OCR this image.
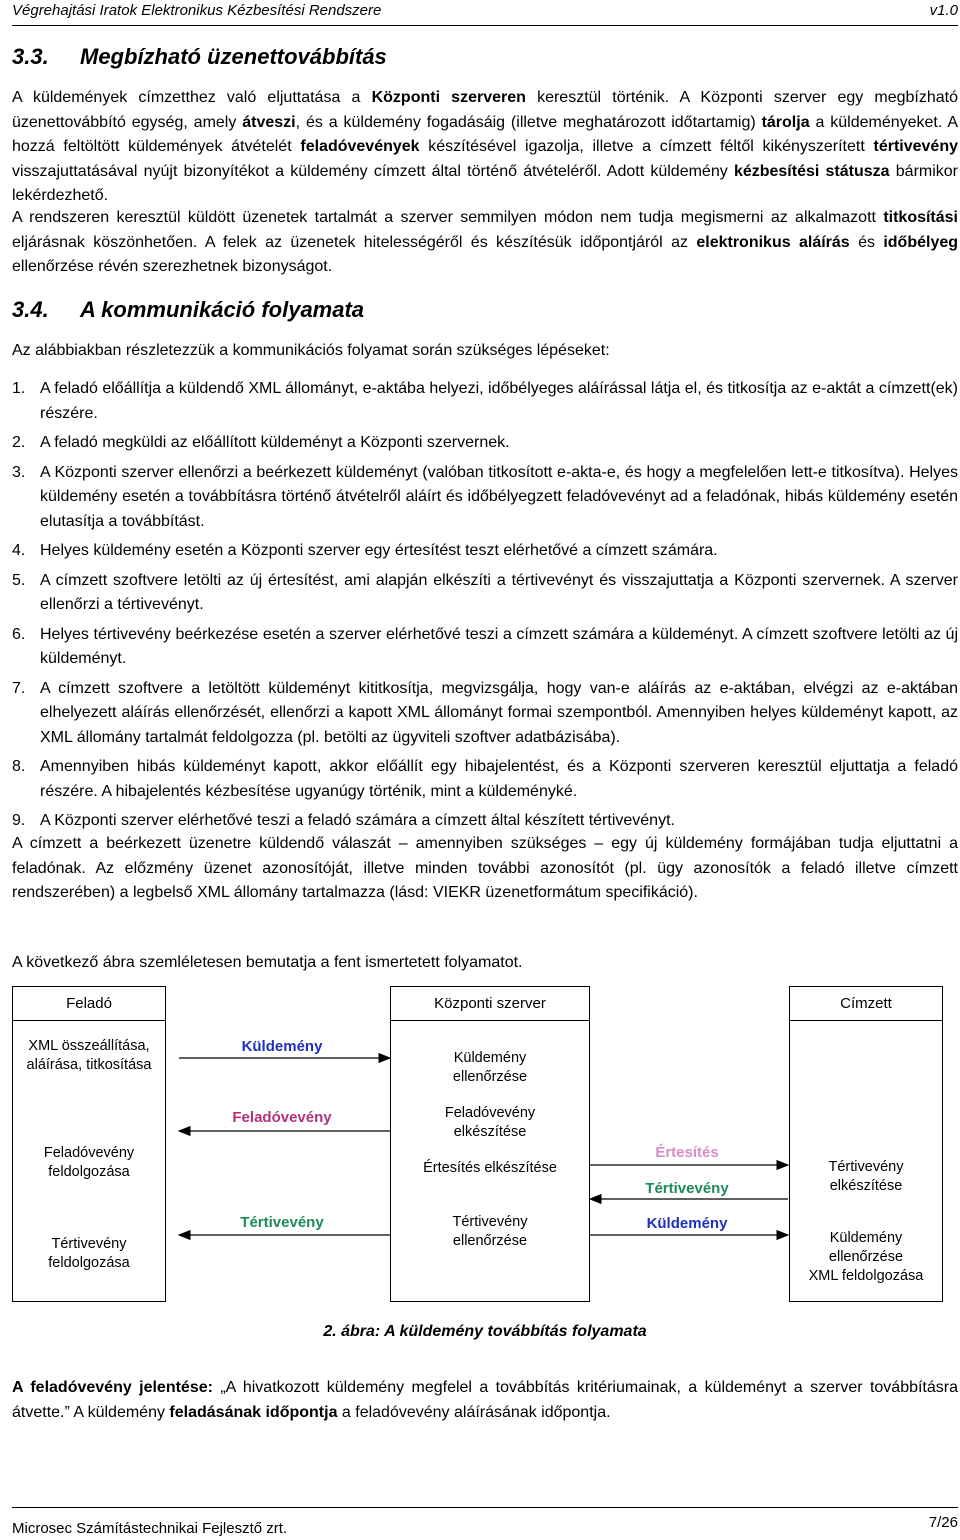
Végrehajtási Iratok Elektronikus Kézbesítési Rendszere	v1.0
3.3. Megbízható üzenettovábbítás

A küldemények címzetthez való eljuttatása a Központi szerveren keresztül történik. A Központi szerver egy megbízható üzenettovábbító egység, amely átveszi, és a küldemény fogadásáig (illetve meghatározott időtartamig) tárolja a küldeményeket. A hozzá feltöltött küldemények átvételét feladóvevények készítésével igazolja, illetve a címzett féltől kikényszerített tértivevény visszajuttatásával nyújt bizonyítékot a küldemény címzett által történő átvételéről. Adott küldemény kézbesítési státusza bármikor lekérdezhető.

A rendszeren keresztül küldött üzenetek tartalmát a szerver semmilyen módon nem tudja megismerni az alkalmazott titkosítási eljárásnak köszönhetően. A felek az üzenetek hitelességéről és készítésük időpontjáról az elektronikus aláírás és időbélyeg ellenőrzése révén szerezhetnek bizonyságot.

3.4. A kommunikáció folyamata

Az alábbiakban részletezzük a kommunikációs folyamat során szükséges lépéseket:

1. A feladó előállítja a küldendő XML állományt, e-aktába helyezi, időbélyeges aláírással látja el, és titkosítja az e-aktát a címzett(ek) részére.
2. A feladó megküldi az előállított küldeményt a Központi szervernek.
3. A Központi szerver ellenőrzi a beérkezett küldeményt (valóban titkosított e-akta-e, és hogy a megfelelően lett-e titkosítva). Helyes küldemény esetén a továbbításra történő átvételről aláírt és időbélyegzett feladóvevényt ad a feladónak, hibás küldemény esetén elutasítja a továbbítást.
4. Helyes küldemény esetén a Központi szerver egy értesítést teszt elérhetővé a címzett számára.
5. A címzett szoftvere letölti az új értesítést, ami alapján elkészíti a tértivevényt és visszajuttatja a Központi szervernek. A szerver ellenőrzi a tértivevényt.
6. Helyes tértivevény beérkezése esetén a szerver elérhetővé teszi a címzett számára a küldeményt. A címzett szoftvere letölti az új küldeményt.
7. A címzett szoftvere a letöltött küldeményt kititkosítja, megvizsgálja, hogy van-e aláírás az e-aktában, elvégzi az e-aktában elhelyezett aláírás ellenőrzését, ellenőrzi a kapott XML állományt formai szempontból. Amennyiben helyes küldeményt kapott, az XML állomány tartalmát feldolgozza (pl. betölti az ügyviteli szoftver adatbázisába).
8. Amennyiben hibás küldeményt kapott, akkor előállít egy hibajelentést, és a Központi szerveren keresztül eljuttatja a feladó részére. A hibajelentés kézbesítése ugyanúgy történik, mint a küldeményké.
9. A Központi szerver elérhetővé teszi a feladó számára a címzett által készített tértivevényt.

A címzett a beérkezett üzenetre küldendő válaszát – amennyiben szükséges – egy új küldemény formájában tudja eljuttatni a feladónak. Az előzmény üzenet azonosítóját, illetve minden további azonosítót (pl. ügy azonosítók a feladó illetve címzett rendszerében) a legbelső XML állomány tartalmazza (lásd: VIEKR üzenetformátum specifikáció).

A következő ábra szemléletesen bemutatja a fent ismertetett folyamatot.

Feladó	Központi szerver	Címzett
XML összeállítása,
aláírása, titkosítása
Feladóvevény
feldolgozása
Tértivevény
feldolgozása
Küldemény
ellenőrzése
Feladóvevény
elkészítése
Értesítés elkészítése
Tértivevény
ellenőrzése
Tértivevény
elkészítése
Küldemény
ellenőrzése
XML feldolgozása
Küldemény
Feladóvevény
Tértivevény
Értesítés
Tértivevény
Küldemény
2. ábra: A küldemény továbbítás folyamata

A feladóvevény jelentése: „A hivatkozott küldemény megfelel a továbbítás kritériumainak, a küldeményt a szerver továbbításra átvette.” A küldemény feladásának időpontja a feladóvevény aláírásának időpontja.

Microsec Számítástechnikai Fejlesztő zrt.	7/26
